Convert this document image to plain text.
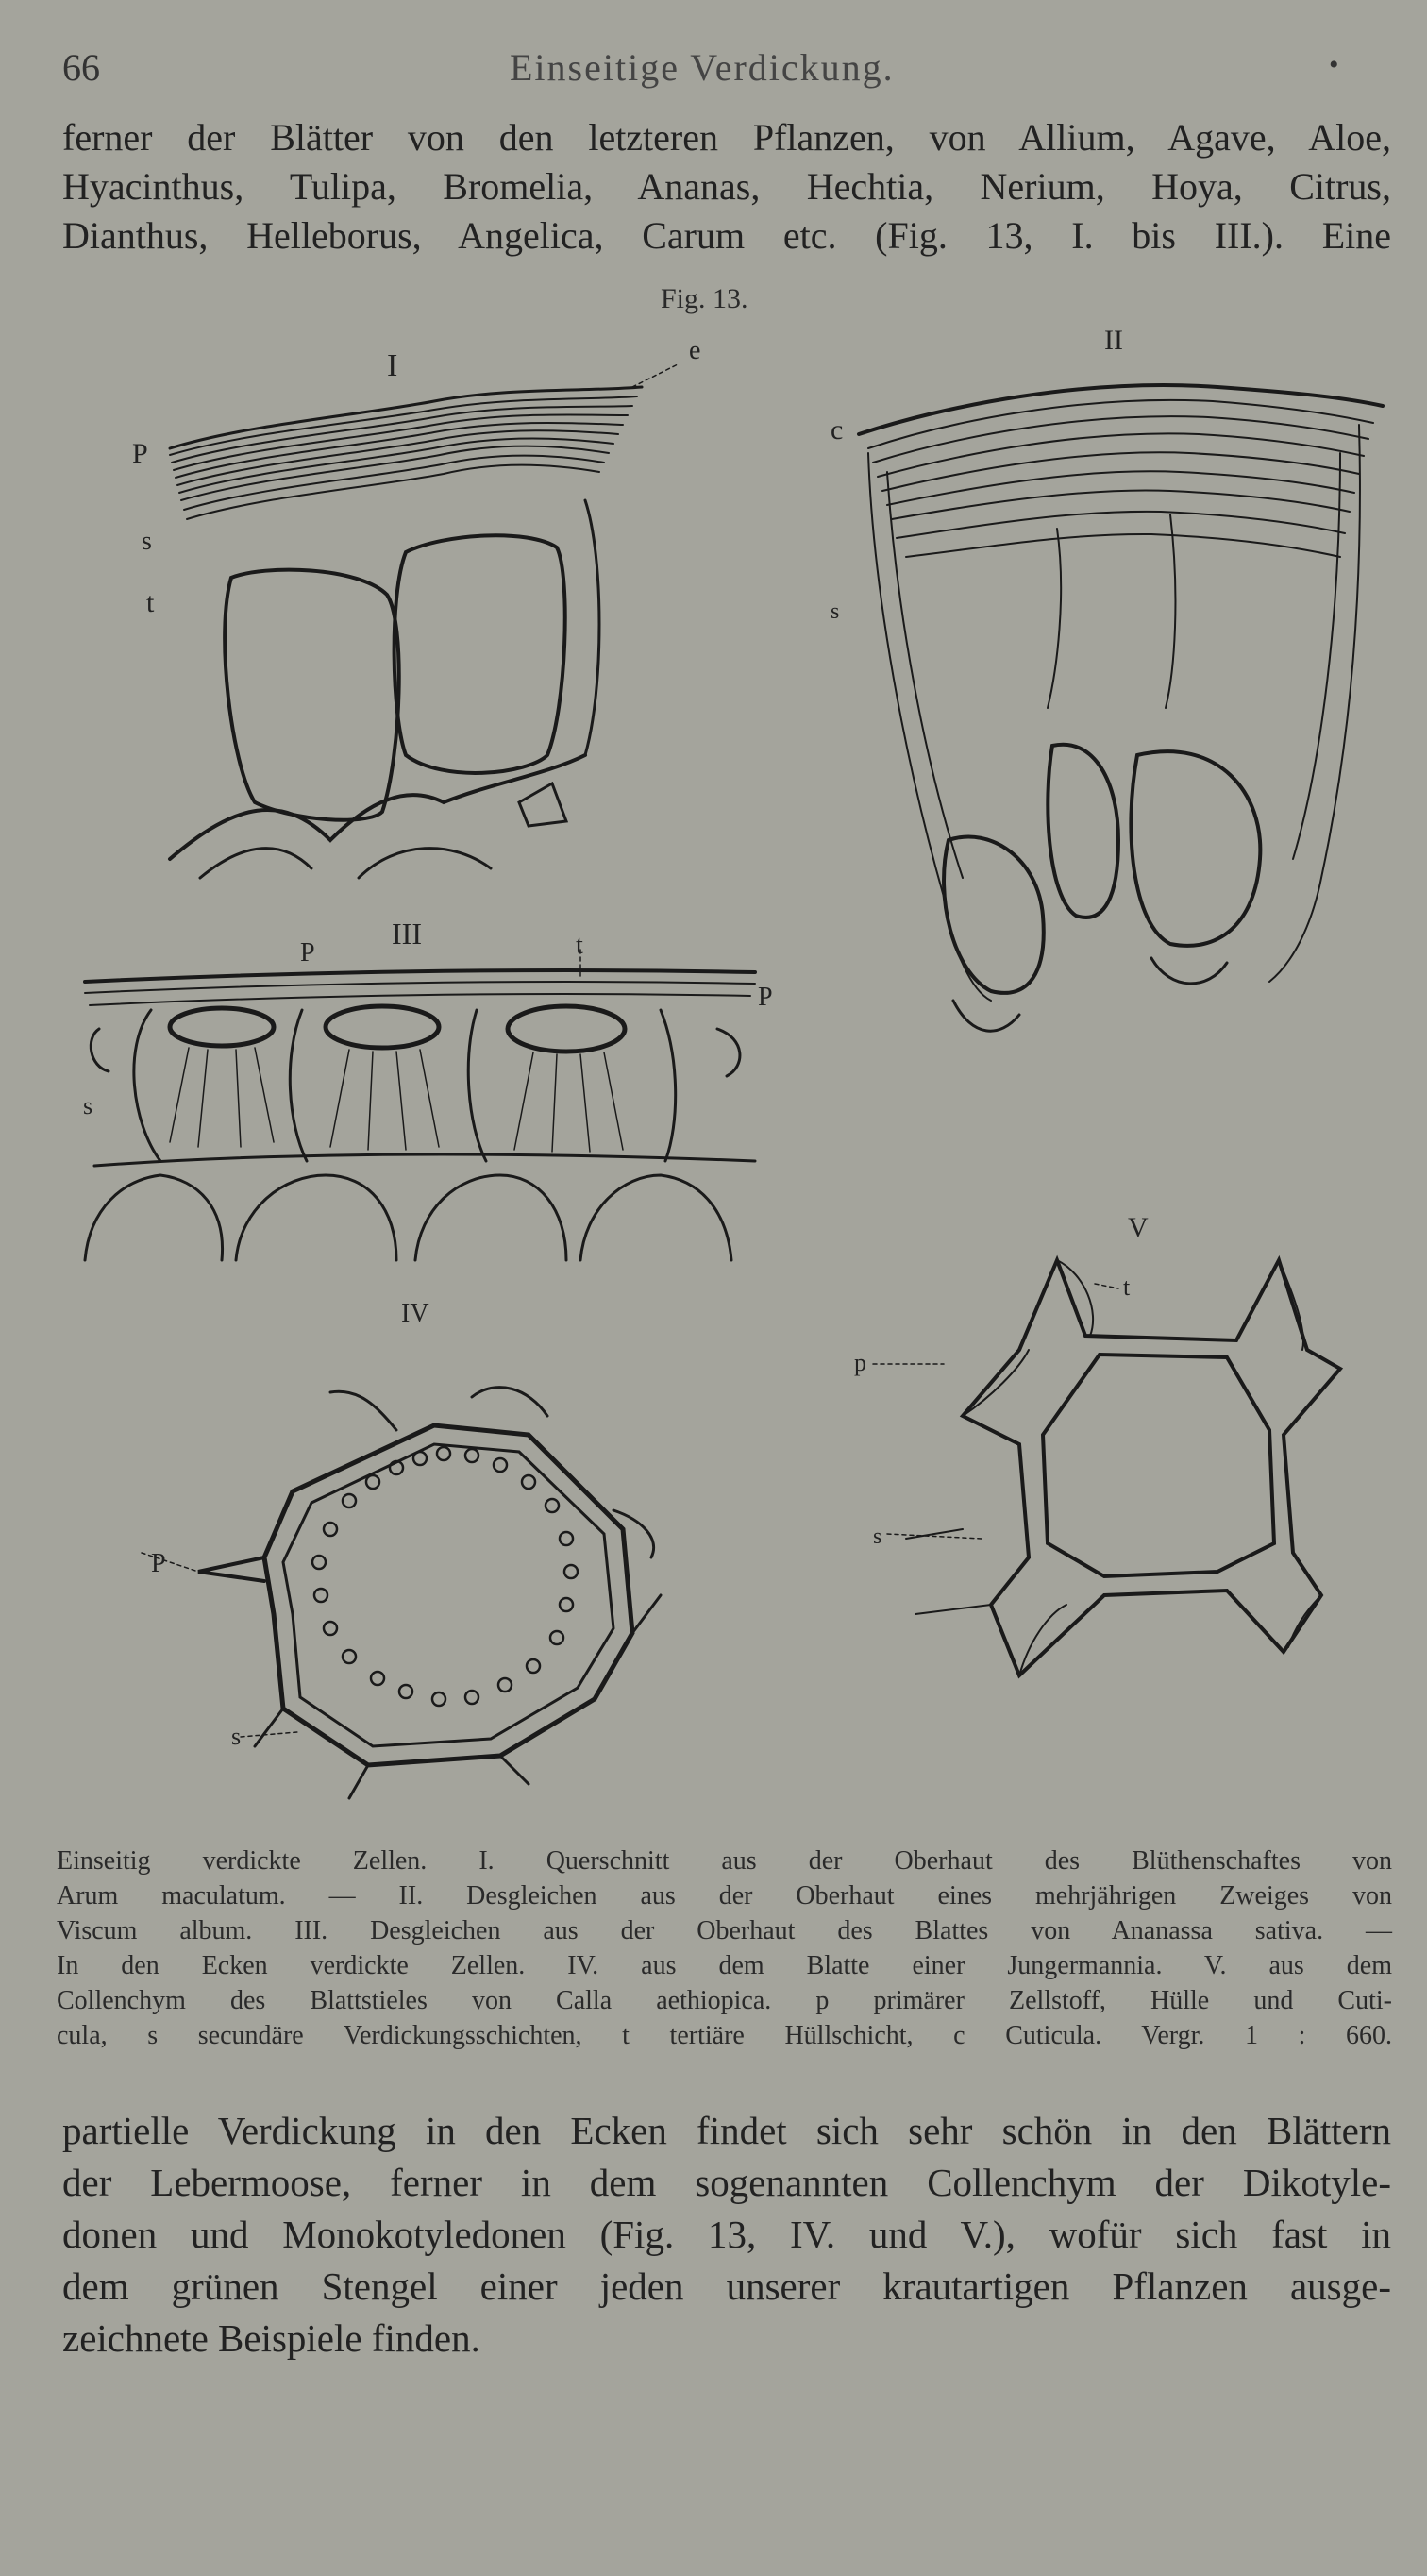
66	Einseitige Verdickung.	•
ferner der Blätter von den letzteren Pflanzen, von Allium, Agave, Aloe,
Hyacinthus, Tulipa, Bromelia, Ananas, Hechtia, Nerium, Hoya, Citrus,
Dianthus, Helleborus, Angelica, Carum etc. (Fig. 13, I. bis III.). Eine
Fig. 13.
I	e
P
s
t
II
c
s
III
P	t
P
s
IV
P
s
V
t
p
s
Einseitig verdickte Zellen. I. Querschnitt aus der Oberhaut des Blüthenschaftes von
Arum maculatum. — II. Desgleichen aus der Oberhaut eines mehrjährigen Zweiges von
Viscum album. III. Desgleichen aus der Oberhaut des Blattes von Ananassa sativa. —
In den Ecken verdickte Zellen. IV. aus dem Blatte einer Jungermannia. V. aus dem
Collenchym des Blattstieles von Calla aethiopica. p primärer Zellstoff, Hülle und Cuti-
cula, s secundäre Verdickungsschichten, t tertiäre Hüllschicht, c Cuticula. Vergr. 1 : 660.
partielle Verdickung in den Ecken findet sich sehr schön in den Blättern
der Lebermoose, ferner in dem sogenannten Collenchym der Dikotyle-
donen und Monokotyledonen (Fig. 13, IV. und V.), wofür sich fast in
dem grünen Stengel einer jeden unserer krautartigen Pflanzen ausge-
zeichnete Beispiele finden.
